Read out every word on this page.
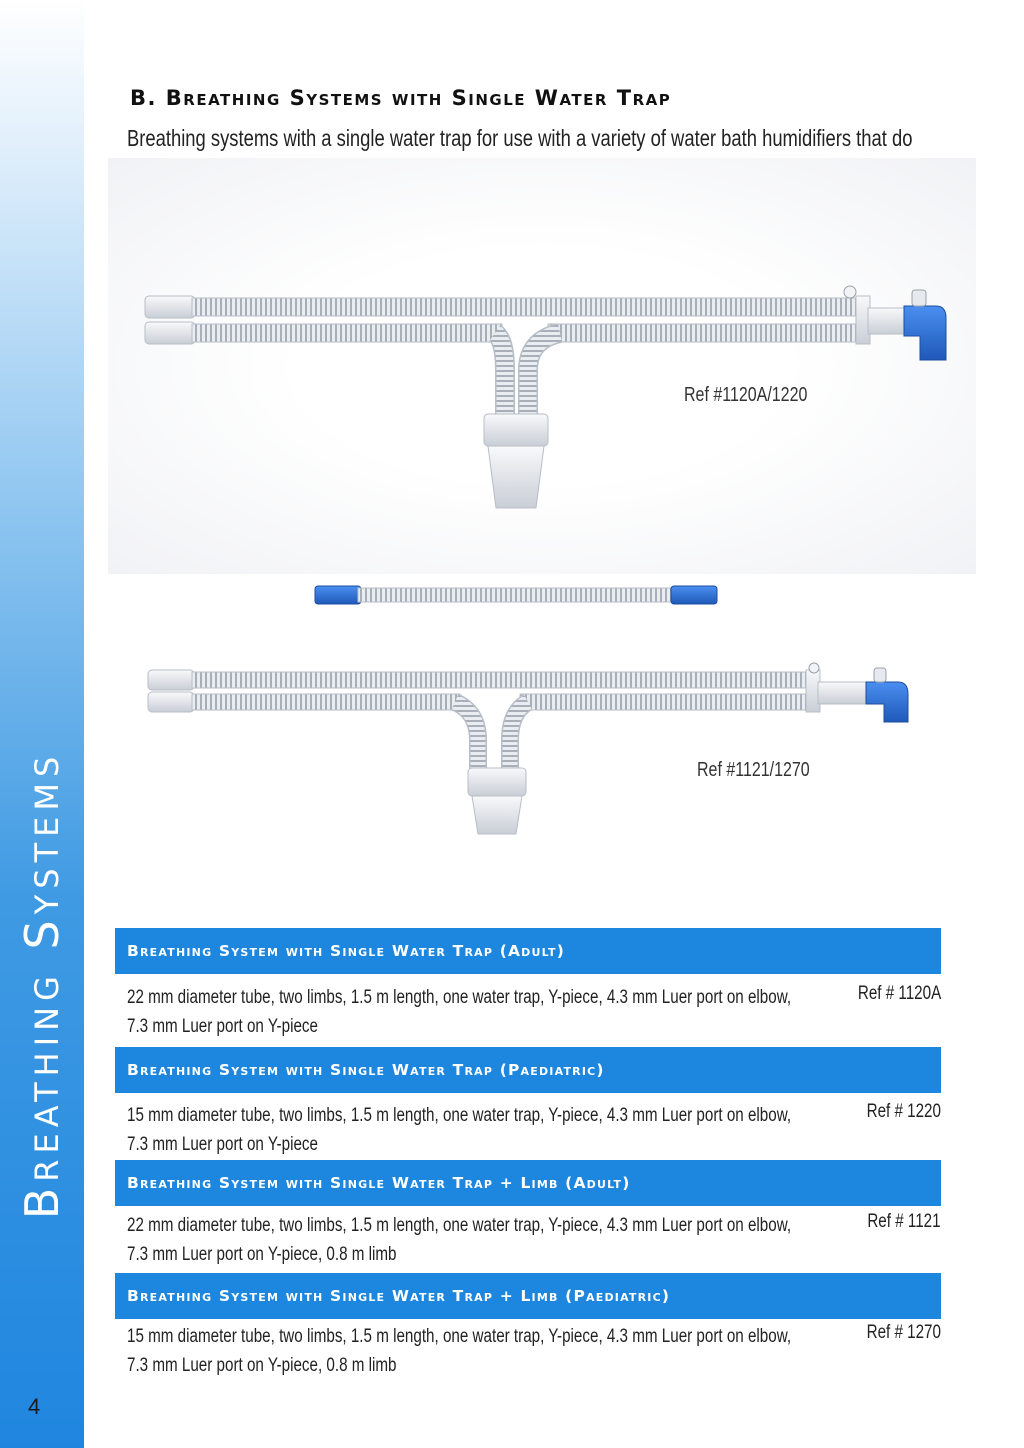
Breathing Systems
4
B. Breathing Systems with Single Water Trap
Breathing systems with a single water trap for use with a variety of water bath humidifiers that do
Ref #1120A/1220
Ref #1121/1270
Breathing System with Single Water Trap (Adult)
22 mm diameter tube, two limbs, 1.5 m length, one water trap, Y-piece, 4.3 mm Luer port on elbow, 7.3 mm Luer port on Y-piece
Ref # 1120A
Breathing System with Single Water Trap (Paediatric)
15 mm diameter tube, two limbs, 1.5 m length, one water trap, Y-piece, 4.3 mm Luer port on elbow, 7.3 mm Luer port on Y-piece
Ref # 1220
Breathing System with Single Water Trap + Limb (Adult)
22 mm diameter tube, two limbs, 1.5 m length, one water trap, Y-piece, 4.3 mm Luer port on elbow, 7.3 mm Luer port on Y-piece, 0.8 m limb
Ref # 1121
Breathing System with Single Water Trap + Limb (Paediatric)
15 mm diameter tube, two limbs, 1.5 m length, one water trap, Y-piece, 4.3 mm Luer port on elbow, 7.3 mm Luer port on Y-piece, 0.8 m limb
Ref # 1270
